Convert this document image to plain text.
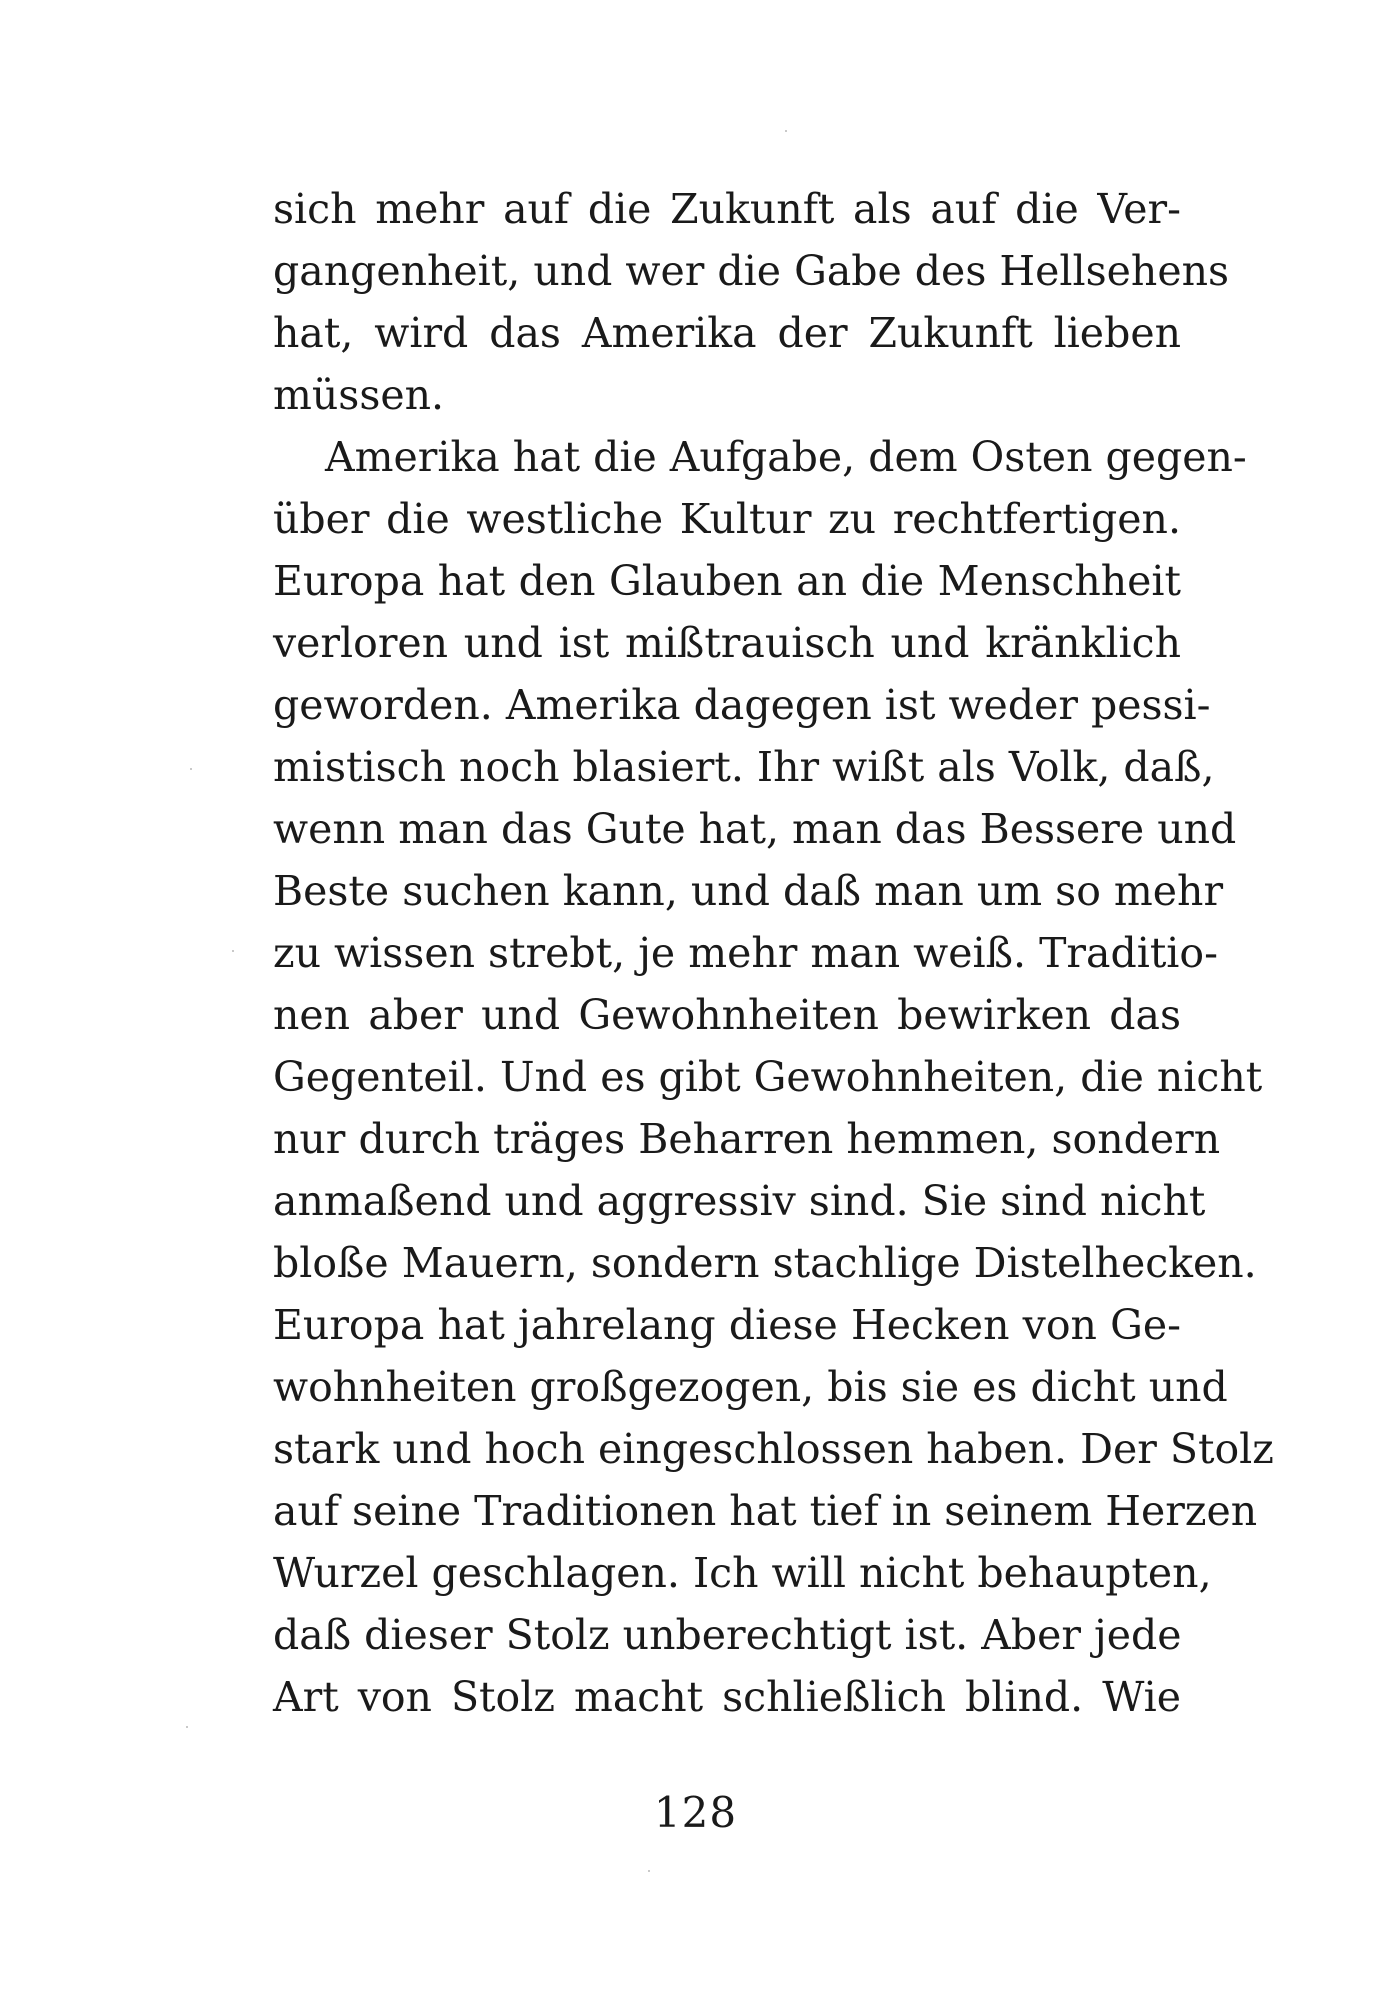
sich mehr auf die Zukunft als auf die Ver-
gangenheit, und wer die Gabe des Hellsehens
hat, wird das Amerika der Zukunft lieben
müssen.
Amerika hat die Aufgabe, dem Osten gegen-
über die westliche Kultur zu rechtfertigen.
Europa hat den Glauben an die Menschheit
verloren und ist mißtrauisch und kränklich
geworden. Amerika dagegen ist weder pessi-
mistisch noch blasiert. Ihr wißt als Volk, daß,
wenn man das Gute hat, man das Bessere und
Beste suchen kann, und daß man um so mehr
zu wissen strebt, je mehr man weiß. Traditio-
nen aber und Gewohnheiten bewirken das
Gegenteil. Und es gibt Gewohnheiten, die nicht
nur durch träges Beharren hemmen, sondern
anmaßend und aggressiv sind. Sie sind nicht
bloße Mauern, sondern stachlige Distelhecken.
Europa hat jahrelang diese Hecken von Ge-
wohnheiten großgezogen, bis sie es dicht und
stark und hoch eingeschlossen haben. Der Stolz
auf seine Traditionen hat tief in seinem Herzen
Wurzel geschlagen. Ich will nicht behaupten,
daß dieser Stolz unberechtigt ist. Aber jede
Art von Stolz macht schließlich blind. Wie
128
